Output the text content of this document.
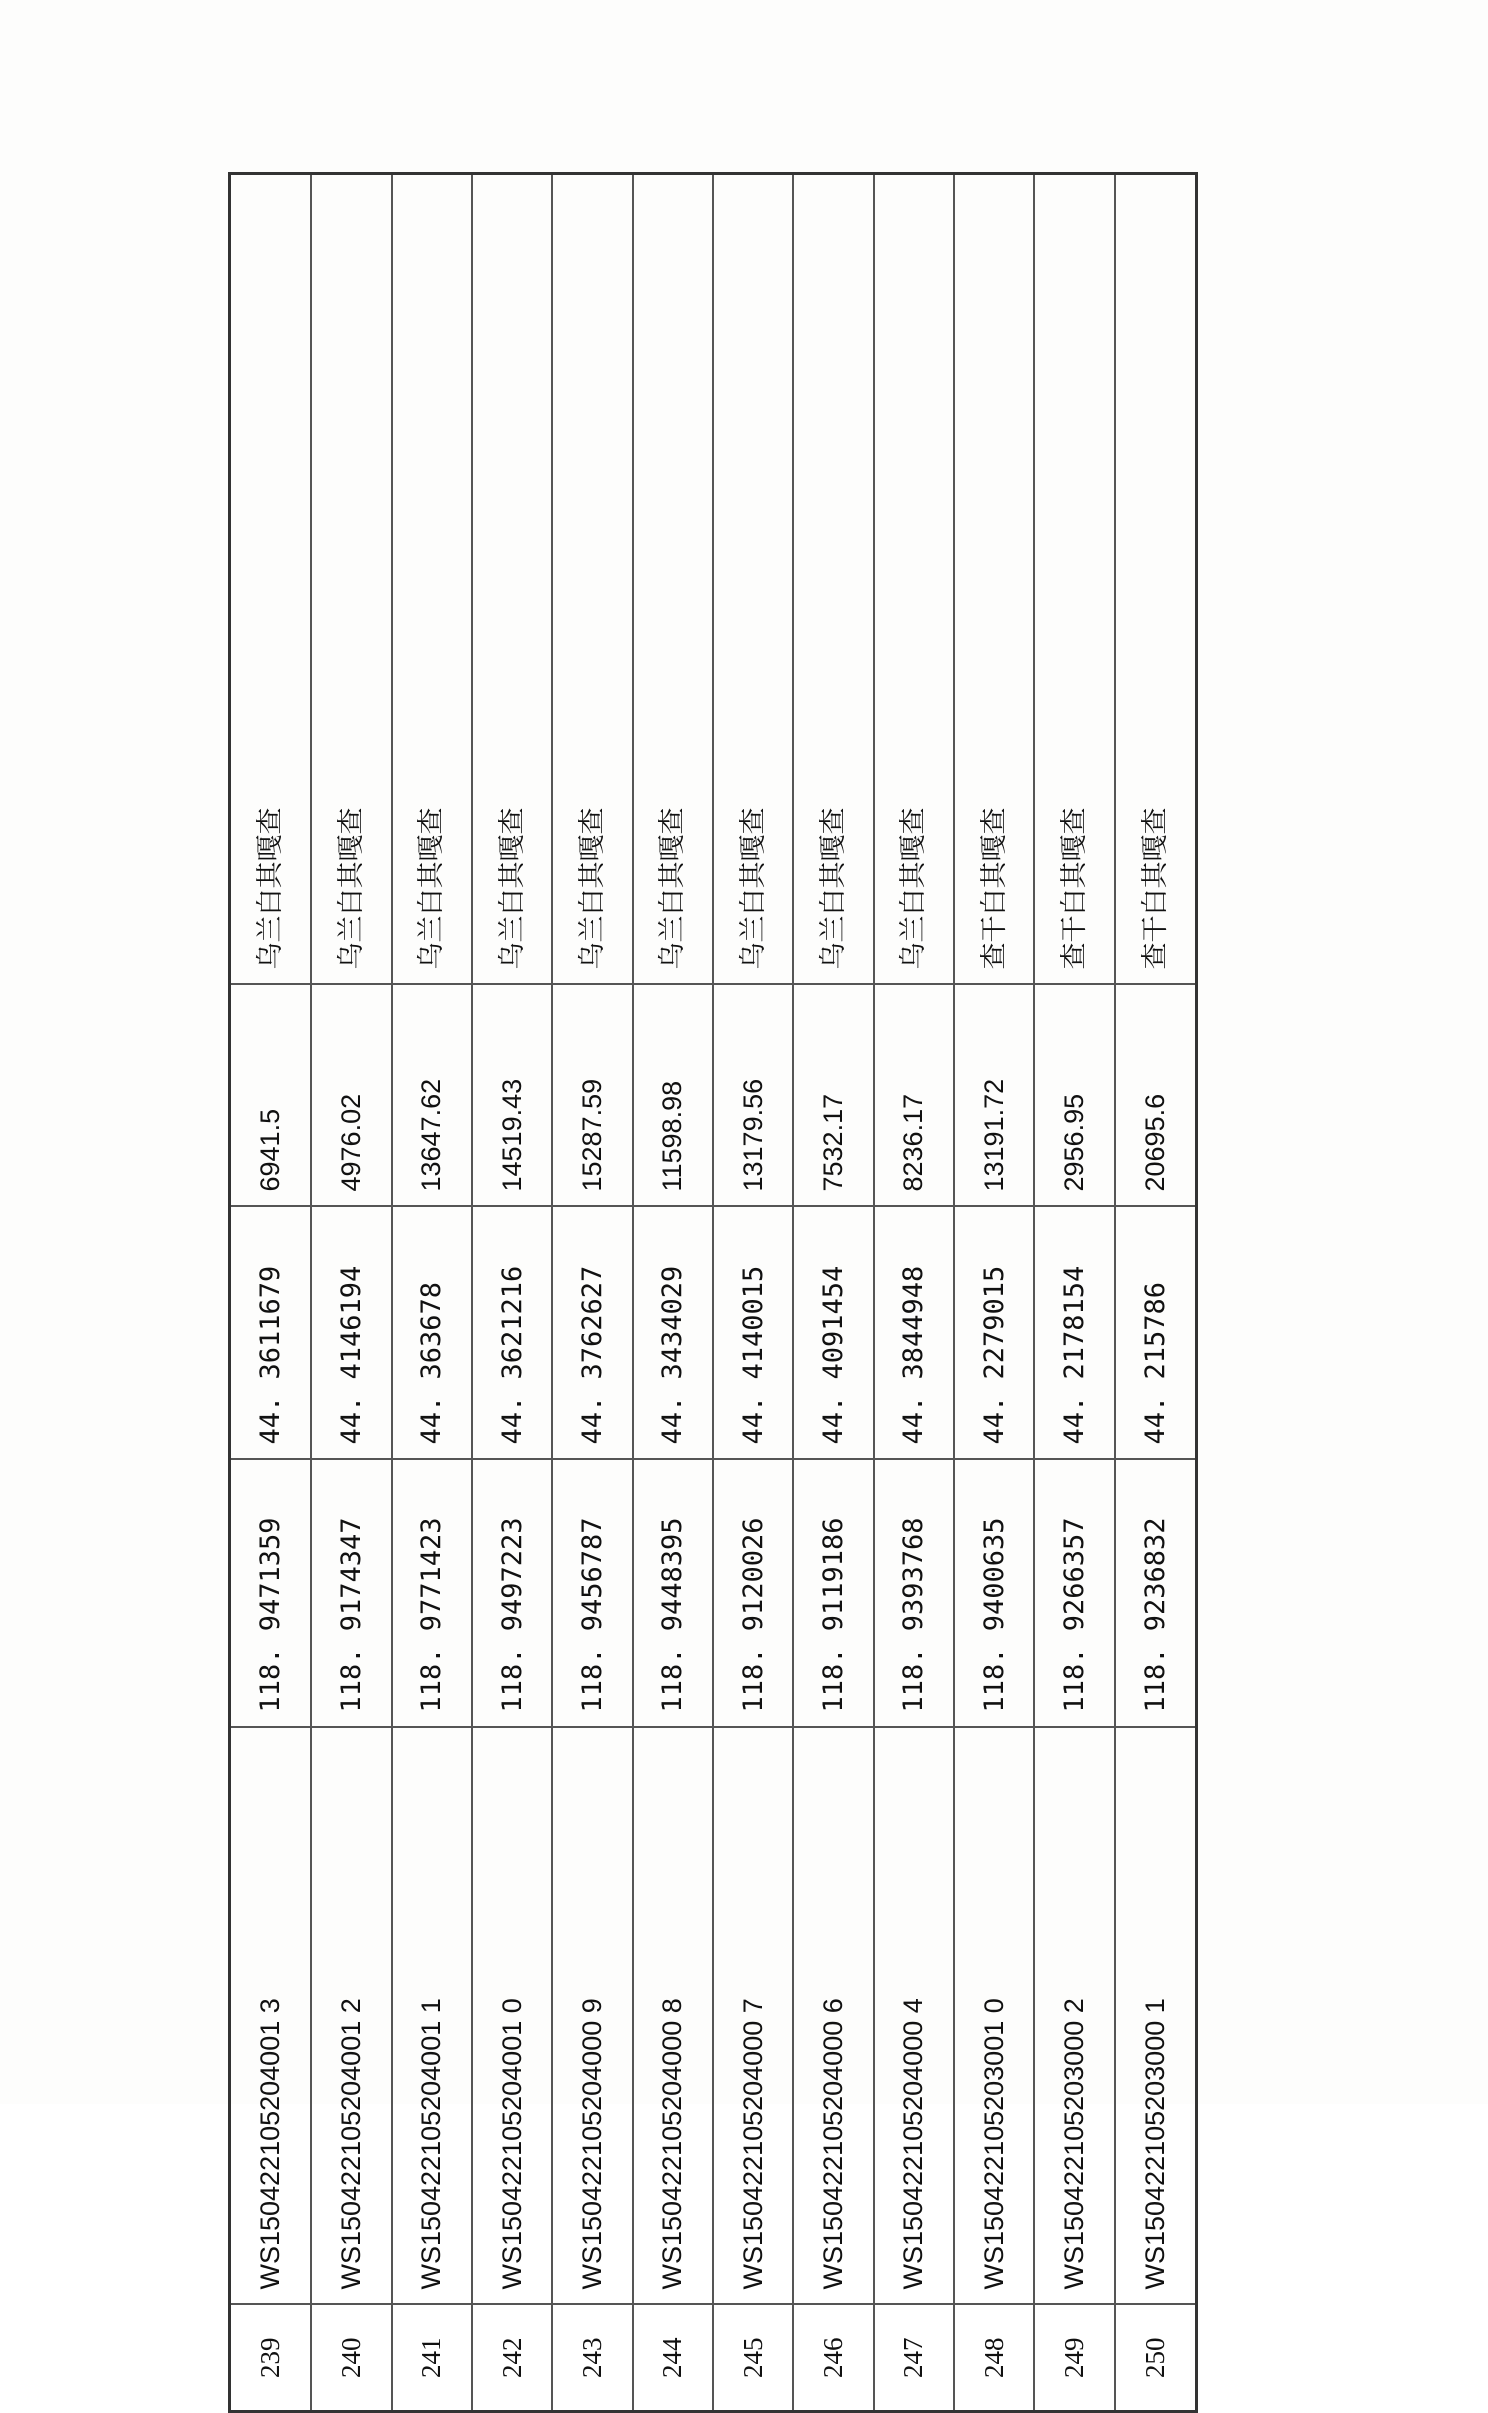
239	WS150422105204001 3	118. 9471359	44. 3611679	6941.5	乌兰白其嘎查
240	WS150422105204001 2	118. 9174347	44. 4146194	4976.02	乌兰白其嘎查
241	WS150422105204001 1	118. 9771423	44. 363678	13647.62	乌兰白其嘎查
242	WS150422105204001 0	118. 9497223	44. 3621216	14519.43	乌兰白其嘎查
243	WS150422105204000 9	118. 9456787	44. 3762627	15287.59	乌兰白其嘎查
244	WS150422105204000 8	118. 9448395	44. 3434029	11598.98	乌兰白其嘎查
245	WS150422105204000 7	118. 9120026	44. 4140015	13179.56	乌兰白其嘎查
246	WS150422105204000 6	118. 9119186	44. 4091454	7532.17	乌兰白其嘎查
247	WS150422105204000 4	118. 9393768	44. 3844948	8236.17	乌兰白其嘎查
248	WS150422105203001 0	118. 9400635	44. 2279015	13191.72	查干白其嘎查
249	WS150422105203000 2	118. 9266357	44. 2178154	2956.95	查干白其嘎查
250	WS150422105203000 1	118. 9236832	44. 215786	20695.6	查干白其嘎查
